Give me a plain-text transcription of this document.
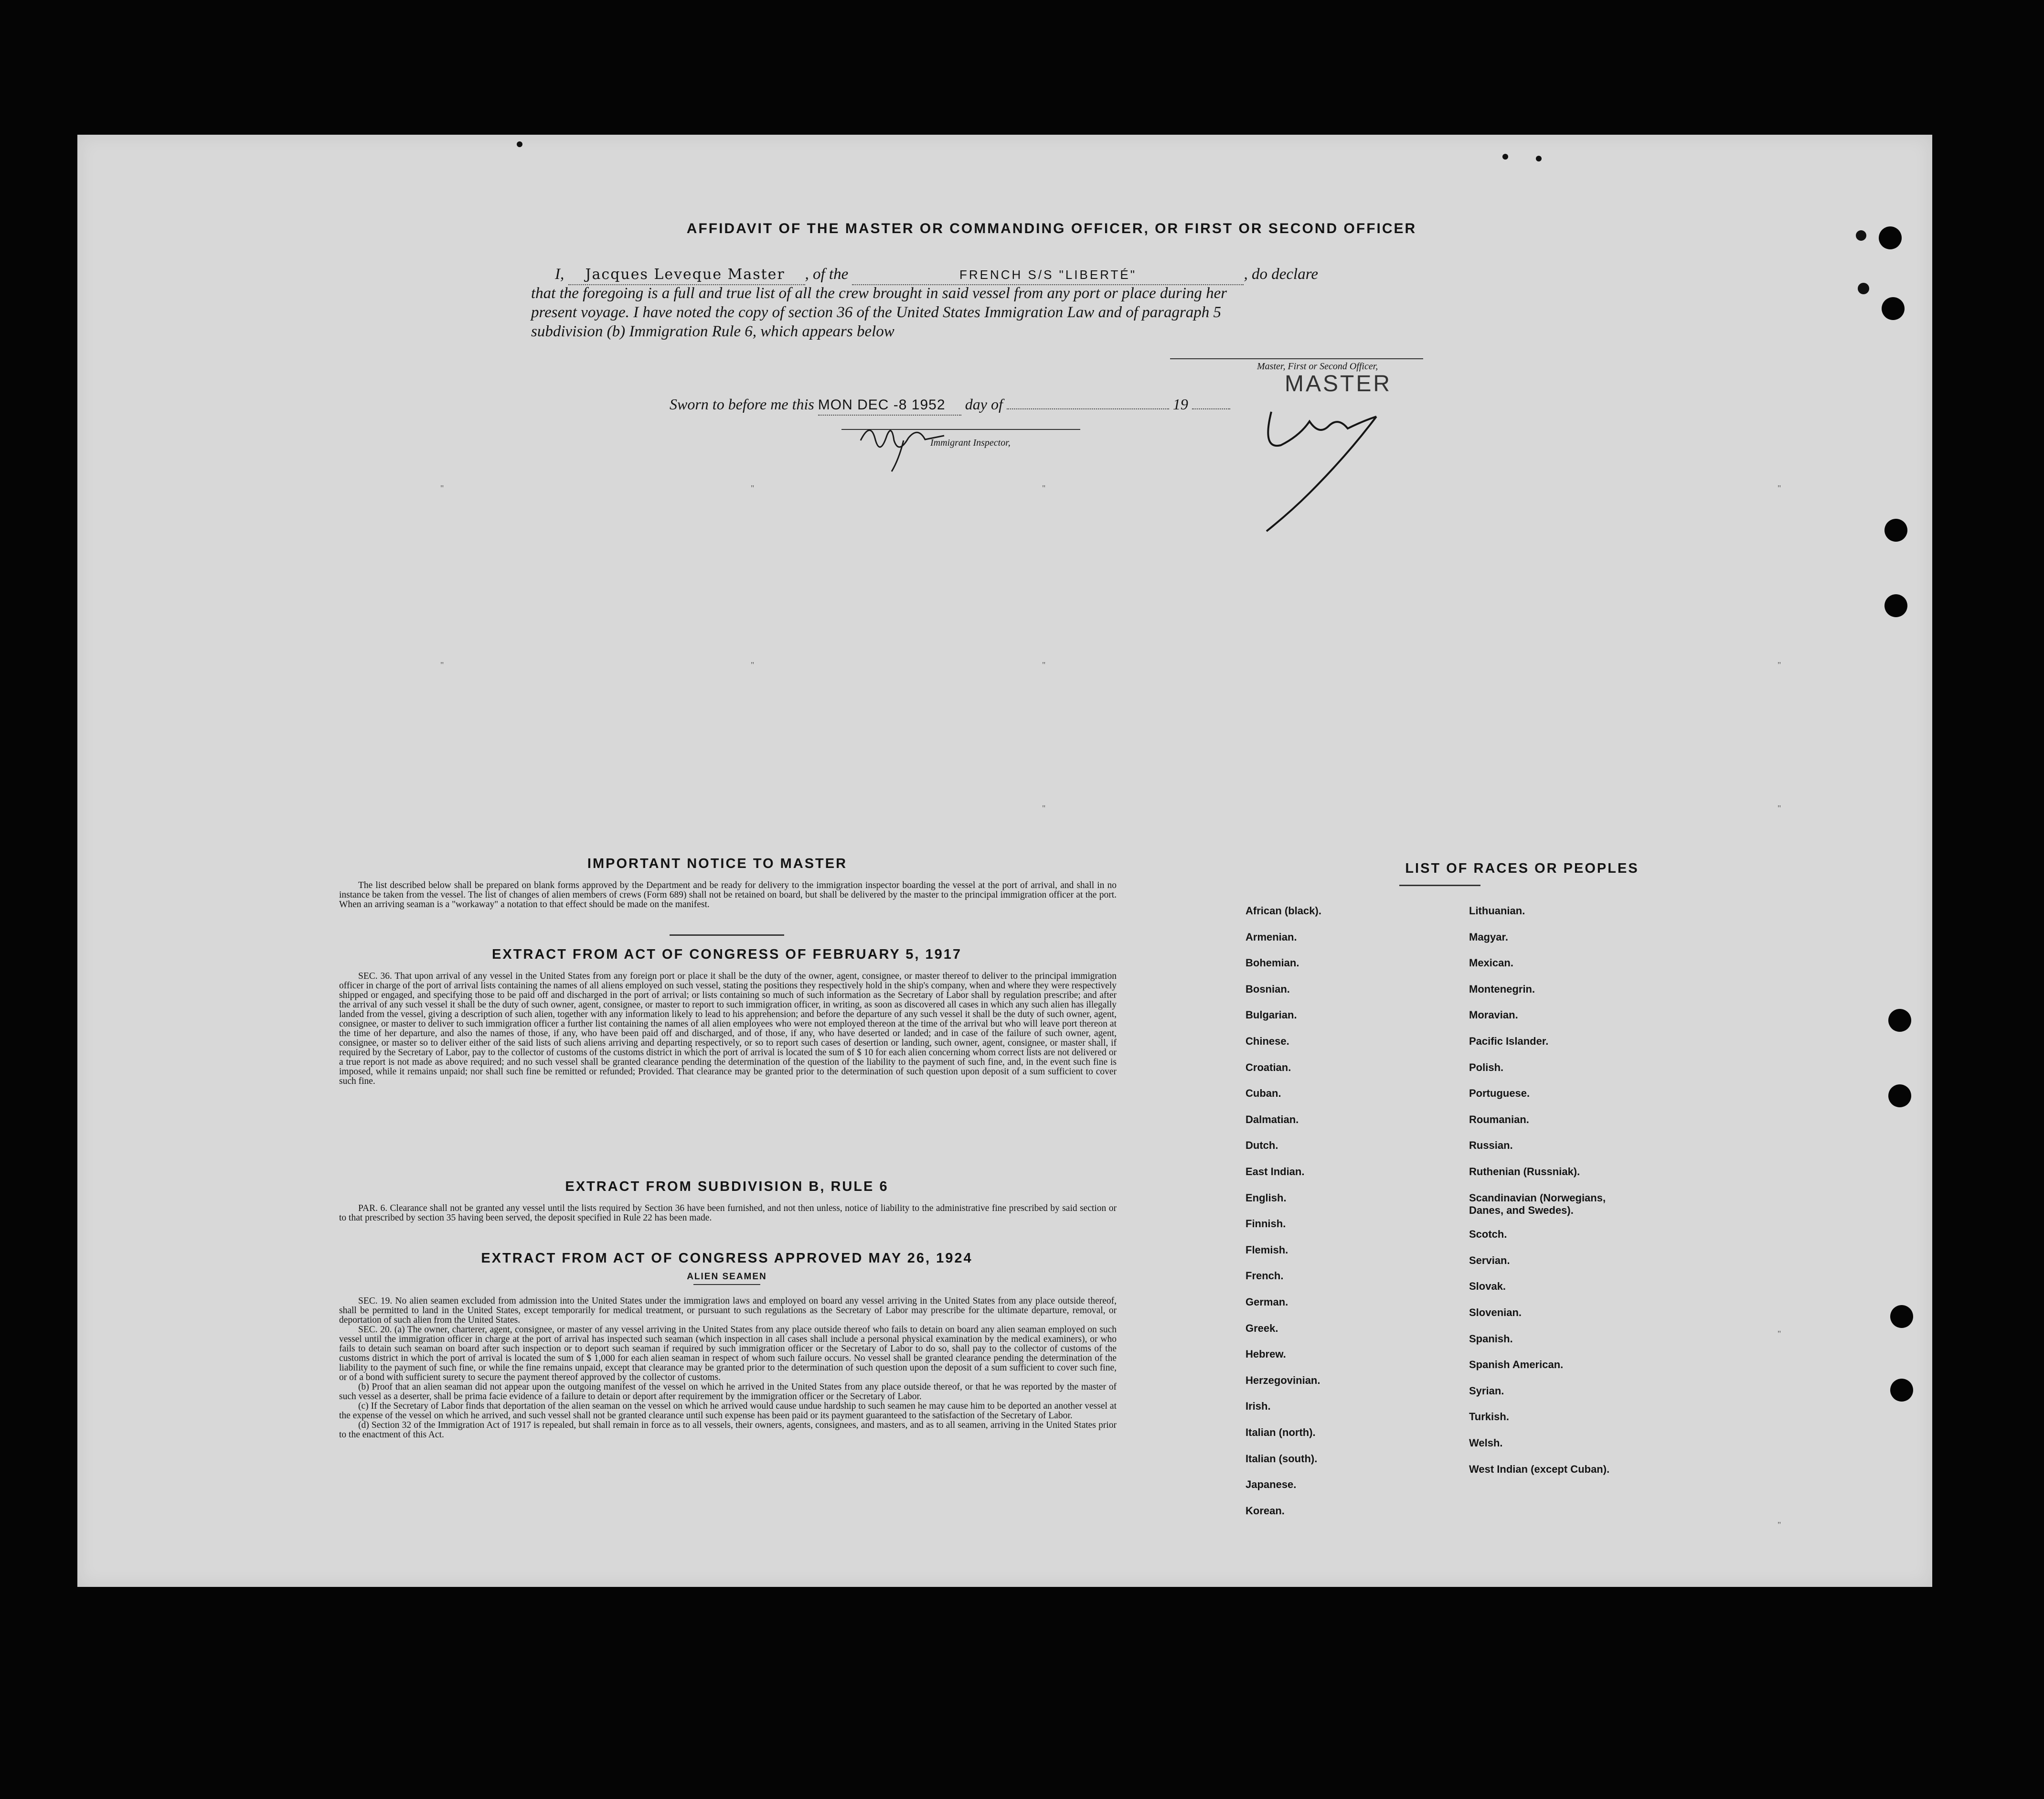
AFFIDAVIT OF THE MASTER OR COMMANDING OFFICER, OR FIRST OR SECOND OFFICER
I, Jacques Leveque Master , of the	FRENCH S/S "LIBERTÉ"	, do declare
that the foregoing is a full and true list of all the crew brought in said vessel from any port or place during her
present voyage. I have noted the copy of section 36 of the United States Immigration Law and of paragraph 5
subdivision (b) Immigration Rule 6, which appears below
Master, First or Second Officer,
MASTER
Sworn to before me this MON DEC -8 1952 day of	19
Immigrant Inspector,
"	"	"	"
"	"	"	"
"	"
"
"
IMPORTANT NOTICE TO MASTER

The list described below shall be prepared on blank forms approved by the Department and be ready for delivery to the immigration inspector boarding the vessel at the port of arrival, and shall in no instance be taken from the vessel. The list of changes of alien members of crews (Form 689) shall not be retained on board, but shall be delivered by the master to the principal immigration officer at the port. When an arriving seaman is a "workaway" a notation to that effect should be made on the manifest.

EXTRACT FROM ACT OF CONGRESS OF FEBRUARY 5, 1917

SEC. 36. That upon arrival of any vessel in the United States from any foreign port or place it shall be the duty of the owner, agent, consignee, or master thereof to deliver to the principal immigration officer in charge of the port of arrival lists containing the names of all aliens employed on such vessel, stating the positions they respectively hold in the ship's company, when and where they were respectively shipped or engaged, and specifying those to be paid off and discharged in the port of arrival; or lists containing so much of such information as the Secretary of Labor shall by regulation prescribe; and after the arrival of any such vessel it shall be the duty of such owner, agent, consignee, or master to report to such immigration officer, in writing, as soon as discovered all cases in which any such alien has illegally landed from the vessel, giving a description of such alien, together with any information likely to lead to his apprehension; and before the departure of any such vessel it shall be the duty of such owner, agent, consignee, or master to deliver to such immigration officer a further list containing the names of all alien employees who were not employed thereon at the time of the arrival but who will leave port thereon at the time of her departure, and also the names of those, if any, who have been paid off and discharged, and of those, if any, who have deserted or landed; and in case of the failure of such owner, agent, consignee, or master so to deliver either of the said lists of such aliens arriving and departing respectively, or so to report such cases of desertion or landing, such owner, agent, consignee, or master shall, if required by the Secretary of Labor, pay to the collector of customs of the customs district in which the port of arrival is located the sum of $ 10 for each alien concerning whom correct lists are not delivered or a true report is not made as above required; and no such vessel shall be granted clearance pending the determination of the question of the liability to the payment of such fine, and, in the event such fine is imposed, while it remains unpaid; nor shall such fine be remitted or refunded; Provided. That clearance may be granted prior to the determination of such question upon deposit of a sum sufficient to cover such fine.

EXTRACT FROM SUBDIVISION B, RULE 6

PAR. 6. Clearance shall not be granted any vessel until the lists required by Section 36 have been furnished, and not then unless, notice of liability to the administrative fine prescribed by said section or to that prescribed by section 35 having been served, the deposit specified in Rule 22 has been made.

EXTRACT FROM ACT OF CONGRESS APPROVED MAY 26, 1924
ALIEN SEAMEN

SEC. 19. No alien seamen excluded from admission into the United States under the immigration laws and employed on board any vessel arriving in the United States from any place outside thereof, shall be permitted to land in the United States, except temporarily for medical treatment, or pursuant to such regulations as the Secretary of Labor may prescribe for the ultimate departure, removal, or deportation of such alien from the United States.

SEC. 20. (a) The owner, charterer, agent, consignee, or master of any vessel arriving in the United States from any place outside thereof who fails to detain on board any alien seaman employed on such vessel until the immigration officer in charge at the port of arrival has inspected such seaman (which inspection in all cases shall include a personal physical examination by the medical examiners), or who fails to detain such seaman on board after such inspection or to deport such seaman if required by such immigration officer or the Secretary of Labor to do so, shall pay to the collector of customs of the customs district in which the port of arrival is located the sum of $ 1,000 for each alien seaman in respect of whom such failure occurs. No vessel shall be granted clearance pending the determination of the liability to the payment of such fine, or while the fine remains unpaid, except that clearance may be granted prior to the determination of such question upon the deposit of a sum sufficient to cover such fine, or of a bond with sufficient surety to secure the payment thereof approved by the collector of customs.

(b) Proof that an alien seaman did not appear upon the outgoing manifest of the vessel on which he arrived in the United States from any place outside thereof, or that he was reported by the master of such vessel as a deserter, shall be prima facie evidence of a failure to detain or deport after requirement by the immigration officer or the Secretary of Labor.

(c) If the Secretary of Labor finds that deportation of the alien seaman on the vessel on which he arrived would cause undue hardship to such seamen he may cause him to be deported an another vessel at the expense of the vessel on which he arrived, and such vessel shall not be granted clearance until such expense has been paid or its payment guaranteed to the satisfaction of the Secretary of Labor.

(d) Section 32 of the Immigration Act of 1917 is repealed, but shall remain in force as to all vessels, their owners, agents, consignees, and masters, and as to all seamen, arriving in the United States prior to the enactment of this Act.

LIST OF RACES OR PEOPLES
African (black).
Armenian.
Bohemian.
Bosnian.
Bulgarian.
Chinese.
Croatian.
Cuban.
Dalmatian.
Dutch.
East Indian.
English.
Finnish.
Flemish.
French.
German.
Greek.
Hebrew.
Herzegovinian.
Irish.
Italian (north).
Italian (south).
Japanese.
Korean.
Lithuanian.
Magyar.
Mexican.
Montenegrin.
Moravian.
Pacific Islander.
Polish.
Portuguese.
Roumanian.
Russian.
Ruthenian (Russniak).
Scandinavian (Norwegians, Danes, and Swedes).
Scotch.
Servian.
Slovak.
Slovenian.
Spanish.
Spanish American.
Syrian.
Turkish.
Welsh.
West Indian (except Cuban).
